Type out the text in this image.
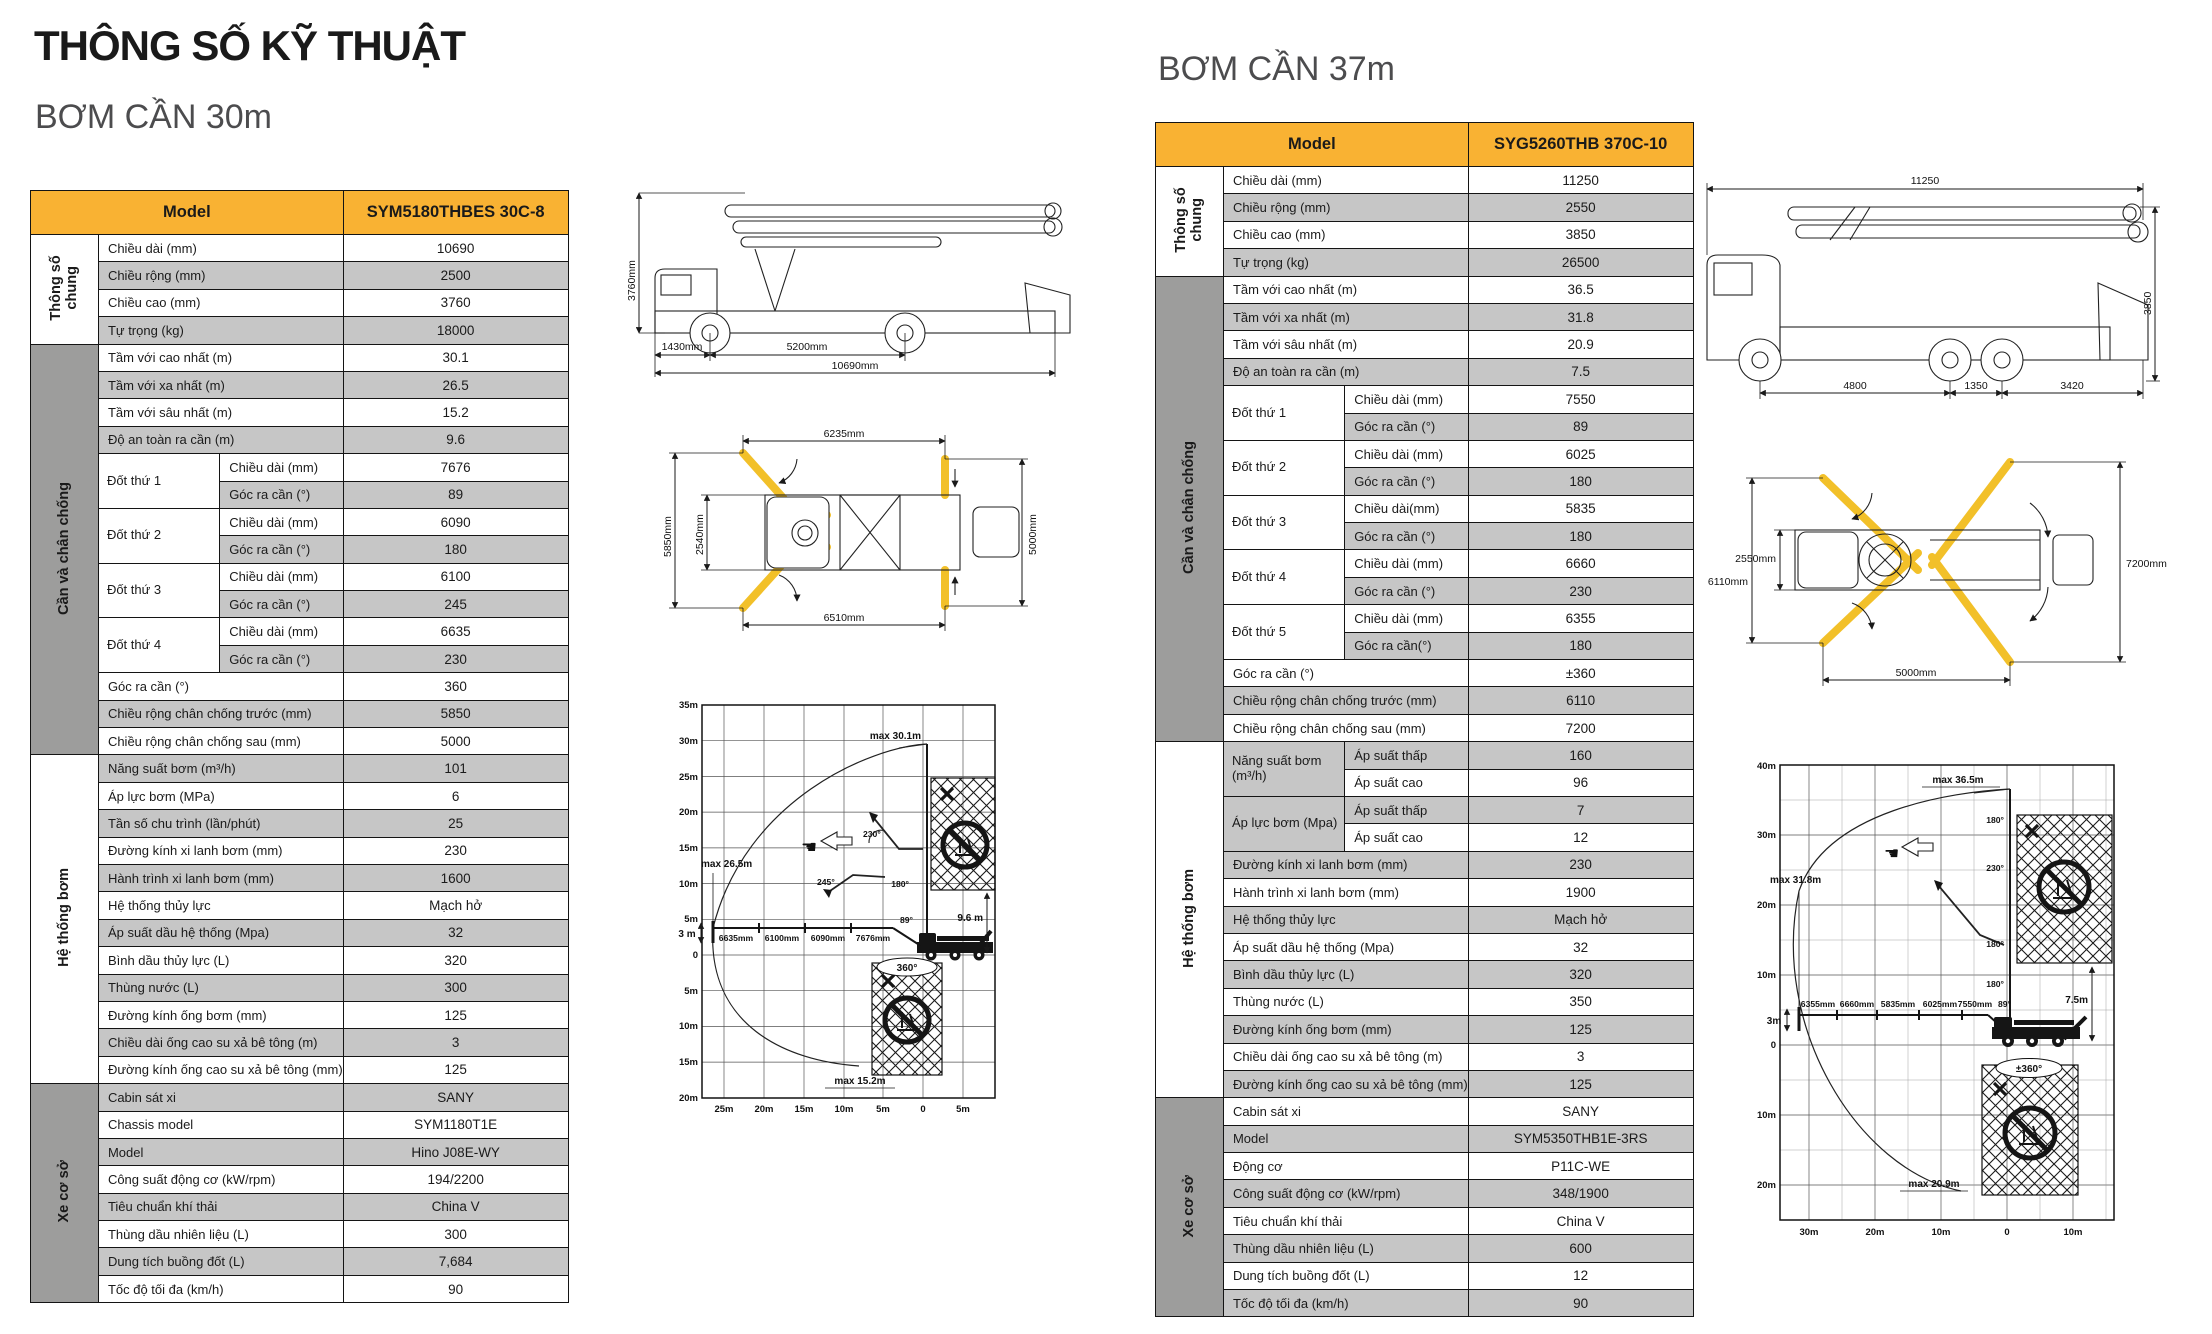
THÔNG SỐ KỸ THUẬT
BƠM CẦN 30m
Model			SYM5180THBES 30C-8
Thông số chung	Chiều dài (mm)		10690
	Chiều rộng (mm)		2500
	Chiều cao (mm)		3760
	Tự trọng (kg)		18000
Cần và chân chống	Tầm với cao nhất (m)		30.1
	Tầm với xa nhất (m)		26.5
	Tầm với sâu nhất (m)		15.2
	Độ an toàn ra cần (m)		9.6
	Đốt thứ 1	Chiều dài (mm)	7676
		Góc ra cần (°)	89
	Đốt thứ 2	Chiều dài (mm)	6090
		Góc ra cần (°)	180
	Đốt thứ 3	Chiều dài (mm)	6100
		Góc ra cần (°)	245
	Đốt thứ 4	Chiều dài (mm)	6635
		Góc ra cần (°)	230
	Góc ra cần (°)		360
	Chiều rộng chân chống trước (mm)		5850
	Chiều rộng chân chống sau (mm)		5000
Hệ thống bơm	Năng suất bơm (m³/h)		101
	Áp lực bơm (MPa)		6
	Tần số chu trình (lần/phút)		25
	Đường kính xi lanh bơm (mm)		230
	Hành trình xi lanh bơm (mm)		1600
	Hệ thống thủy lực		Mạch hở
	Áp suất dầu hệ thống (Mpa)		32
	Bình dầu thủy lực (L)		320
	Thùng nước (L)		300
	Đường kính ống bơm (mm)		125
	Chiều dài ống cao su xả bê tông (m)		3
	Đường kính ống cao su xả bê tông (mm)		125
Xe cơ sở	Cabin sát xi		SANY
	Chassis model		SYM1180T1E
	Model		Hino J08E-WY
	Công suất động cơ (kW/rpm)		194/2200
	Tiêu chuẩn khí thải		China V
	Thùng dầu nhiên liệu (L)		300
	Dung tích buồng đốt (L)		7,684
	Tốc độ tối đa (km/h)		90
BƠM CẦN 37m
Model			SYG5260THB 370C-10
Thông số chung	Chiều dài (mm)		11250
	Chiều rộng (mm)		2550
	Chiều cao (mm)		3850
	Tự trọng (kg)		26500
Cần và chân chống	Tầm với cao nhất (m)		36.5
	Tầm với xa nhất (m)		31.8
	Tầm với sâu nhất (m)		20.9
	Độ an toàn ra cần (m)		7.5
	Đốt thứ 1	Chiều dài (mm)	7550
		Góc ra cần (°)	89
	Đốt thứ 2	Chiều dài (mm)	6025
		Góc ra cần (°)	180
	Đốt thứ 3	Chiều dài(mm)	5835
		Góc ra cần (°)	180
	Đốt thứ 4	Chiều dài (mm)	6660
		Góc ra cần (°)	230
	Đốt thứ 5	Chiều dài (mm)	6355
		Góc ra cần(°)	180
	Góc ra cần (°)		±360
	Chiều rộng chân chống trước (mm)		6110
	Chiều rộng chân chống sau (mm)		7200
Hệ thống bơm	Năng suất bơm (m³/h)	Áp suất thấp	160
		Áp suất cao	96
	Áp lực bơm (Mpa)	Áp suất thấp	7
		Áp suất cao	12
	Đường kính xi lanh bơm (mm)		230
	Hành trình xi lanh bơm (mm)		1900
	Hệ thống thủy lực		Mạch hở
	Áp suất dầu hệ thống (Mpa)		32
	Bình dầu thủy lực (L)		320
	Thùng nước (L)		350
	Đường kính ống bơm (mm)		125
	Chiều dài ống cao su xả bê tông (m)		3
	Đường kính ống cao su xả bê tông (mm)		125
Xe cơ sở	Cabin sát xi		SANY
	Model		SYM5350THB1E-3RS
	Động cơ		P11C-WE
	Công suất động cơ (kW/rpm)		348/1900
	Tiêu chuẩn khí thải		China V
	Thùng dầu nhiên liệu (L)		600
	Dung tích buồng đốt (L)		12
	Tốc độ tối đa (km/h)		90
3760mm
1430mm	5200mm
10690mm
6235mm
5850mm 2540mm	5000mm
6510mm
35m
30m
25m
20m
15m
10m
5m
0
5m
10m
15m
20m
25m 20m 15m 10m 5m	0	5m
max 30.1m
max 26.5m
max 15.2m
3 m
9.6 m
360°
6635mm 6100mm 6090mm 7676mm
230°
245°	180°
89°
☚
11250
3850
4800	1350	3420
6110mm
2550mm	7200mm
5000mm
40m
30m
20m
10m
0
10m
20m
30m	20m	10m	0	10m
max 36.5m
max 31.8m
max 20.9m
3m
7.5m
±360°
6355mm 6660mm 5835mm 6025mm 7550mm
180°
230°
180°
180°
89°
☚
